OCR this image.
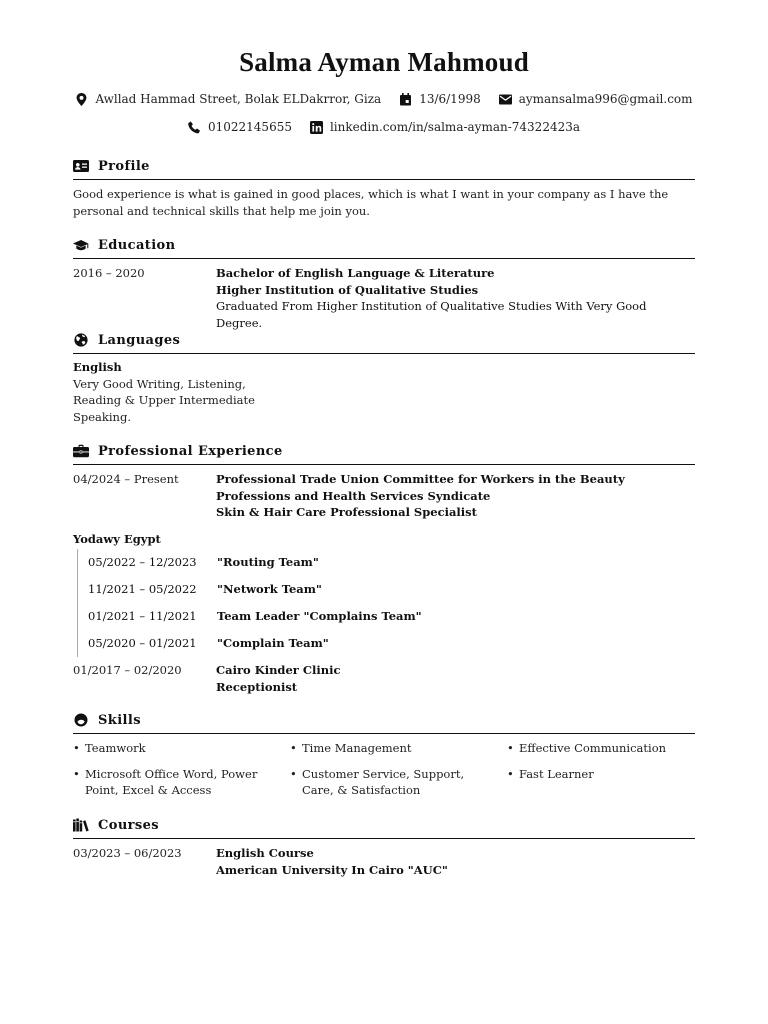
Salma Ayman Mahmoud
Awllad Hammad Street, Bolak ELDakrror, Giza	13/6/1998	aymansalma996@gmail.com
01022145655	linkedin.com/in/salma-ayman-74322423a
Profile
Good experience is what is gained in good places, which is what I want in your company as I have the personal and technical skills that help me join you.
Education
2016 – 2020	Bachelor of English Language & Literature
Higher Institution of Qualitative Studies
Graduated From Higher Institution of Qualitative Studies With Very Good Degree.
Languages
English
Very Good Writing, Listening,
Reading & Upper Intermediate
Speaking.
Professional Experience
04/2024 – Present	Professional Trade Union Committee for Workers in the Beauty Professions and Health Services Syndicate
Skin & Hair Care Professional Specialist
Yodawy Egypt
05/2022 – 12/2023	"Routing Team"
11/2021 – 05/2022	"Network Team"
01/2021 – 11/2021	Team Leader "Complains Team"
05/2020 – 01/2021	"Complain Team"
01/2017 – 02/2020	Cairo Kinder Clinic
Receptionist
Skills
• Teamwork	• Time Management	• Effective Communication
• Microsoft Office Word, Power
Point, Excel & Access
• Customer Service, Support,
Care, & Satisfaction
• Fast Learner
Courses
03/2023 – 06/2023	English Course
American University In Cairo "AUC"
